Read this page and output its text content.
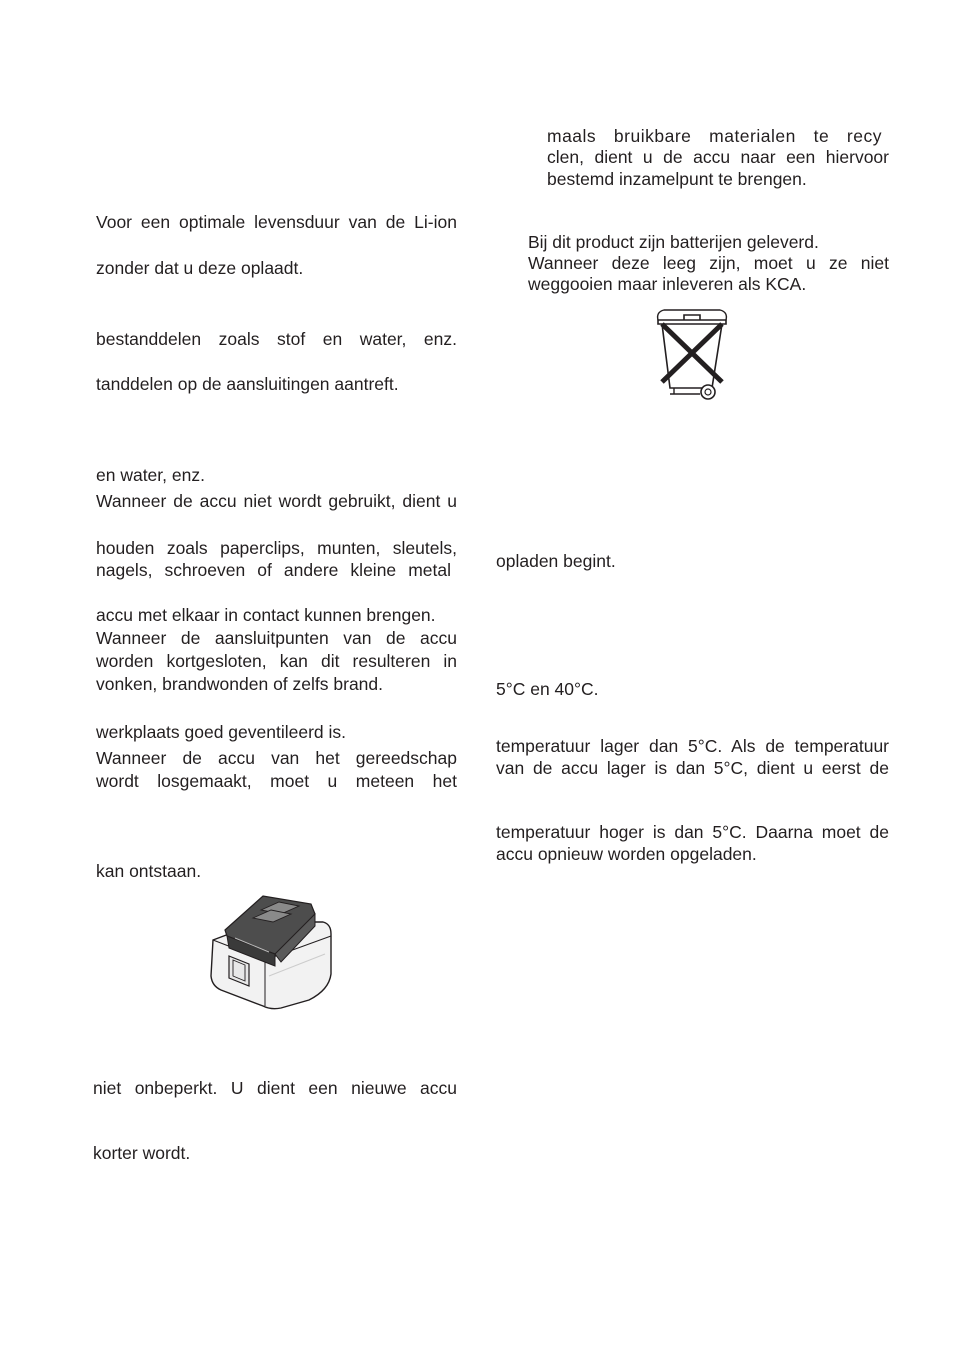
Voor een optimale levensduur van de Li-ion

zonder dat u deze oplaadt.

bestanddelen zoals stof en water, enz.

tanddelen op de aansluitingen aantreft.

en water, enz.

Wanneer de accu niet wordt gebruikt, dient u

houden zoals paperclips, munten, sleutels,

nagels, schroeven of andere kleine metal

accu met elkaar in contact kunnen brengen.

Wanneer de aansluitpunten van de accu

worden kortgesloten, kan dit resulteren in

vonken, brandwonden of zelfs brand.

werkplaats goed geventileerd is.

Wanneer de accu van het gereedschap

wordt losgemaakt, moet u meteen het

kan ontstaan.

niet onbeperkt. U dient een nieuwe accu

korter wordt.

maals bruikbare materialen te recy

clen, dient u de accu naar een hiervoor

bestemd inzamelpunt te brengen.

Bij dit product zijn batterijen geleverd.

Wanneer deze leeg zijn, moet u ze niet

weggooien maar inleveren als KCA.

opladen begint.

5°C en 40°C.

temperatuur lager dan 5°C. Als de temperatuur

van de accu lager is dan 5°C, dient u eerst de

temperatuur hoger is dan 5°C. Daarna moet de

accu opnieuw worden opgeladen.
